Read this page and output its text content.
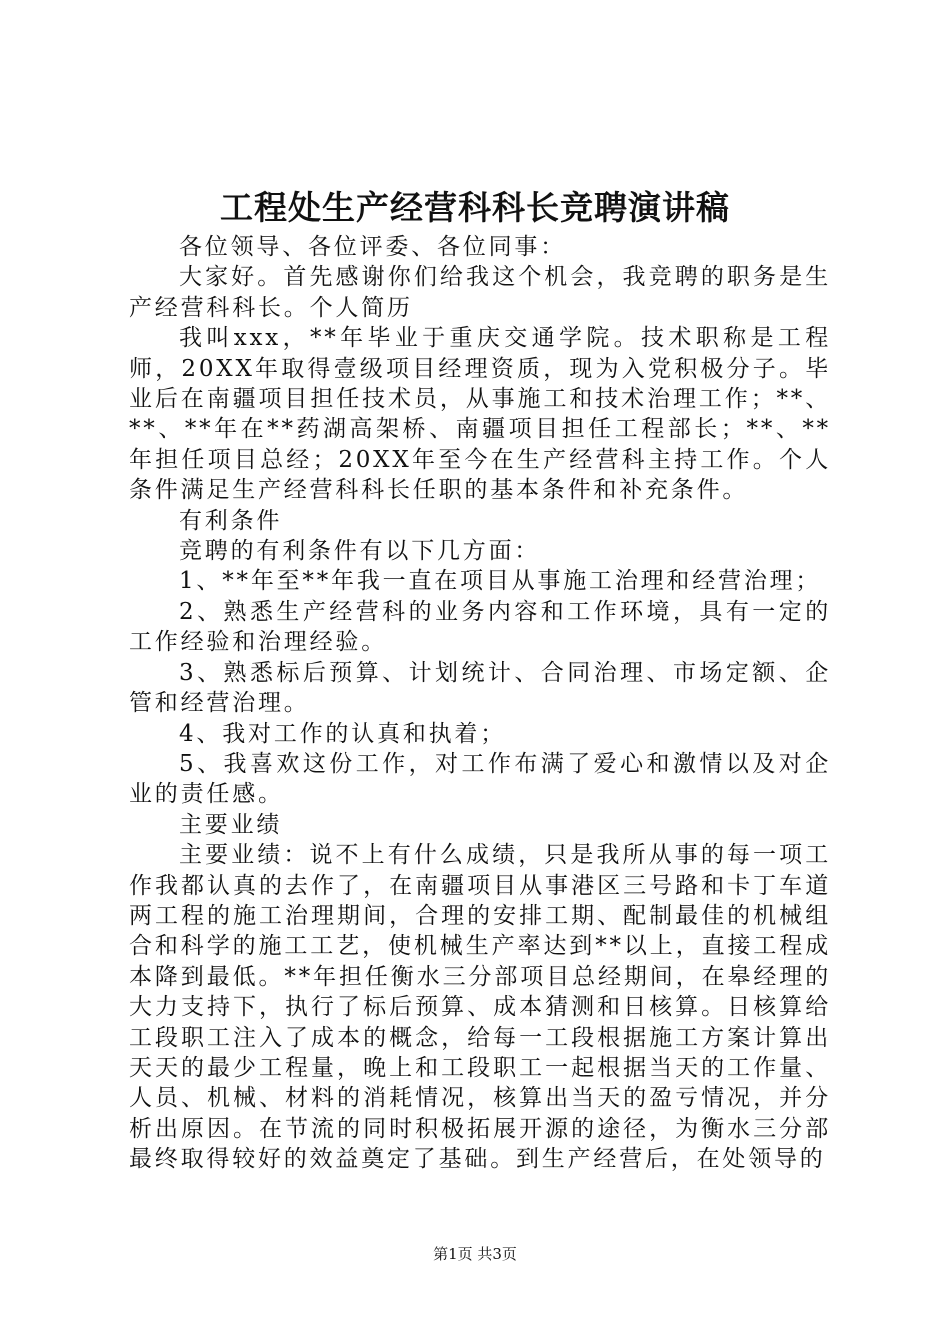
工程处生产经营科科长竞聘演讲稿

各位领导、各位评委、各位同事：

大家好。首先感谢你们给我这个机会，我竞聘的职务是生产经营科科长。个人简历

我叫xxx，**年毕业于重庆交通学院。技术职称是工程师，20XX年取得壹级项目经理资质，现为入党积极分子。毕业后在南疆项目担任技术员，从事施工和技术治理工作；**、**、**年在**药湖高架桥、南疆项目担任工程部长；**、**年担任项目总经；20XX年至今在生产经营科主持工作。个人条件满足生产经营科科长任职的基本条件和补充条件。

有利条件

竞聘的有利条件有以下几方面：

1、**年至**年我一直在项目从事施工治理和经营治理；

2、熟悉生产经营科的业务内容和工作环境，具有一定的工作经验和治理经验。

3、熟悉标后预算、计划统计、合同治理、市场定额、企管和经营治理。

4、我对工作的认真和执着；

5、我喜欢这份工作，对工作布满了爱心和激情以及对企业的责任感。

主要业绩

主要业绩：说不上有什么成绩，只是我所从事的每一项工作我都认真的去作了，在南疆项目从事港区三号路和卡丁车道两工程的施工治理期间，合理的安排工期、配制最佳的机械组合和科学的施工工艺，使机械生产率达到**以上，直接工程成本降到最低。**年担任衡水三分部项目总经期间，在皋经理的大力支持下，执行了标后预算、成本猜测和日核算。日核算给工段职工注入了成本的概念，给每一工段根据施工方案计算出天天的最少工程量，晚上和工段职工一起根据当天的工作量、人员、机械、材料的消耗情况，核算出当天的盈亏情况，并分析出原因。在节流的同时积极拓展开源的途径，为衡水三分部最终取得较好的效益奠定了基础。到生产经营后，在处领导的

第1页 共3页
